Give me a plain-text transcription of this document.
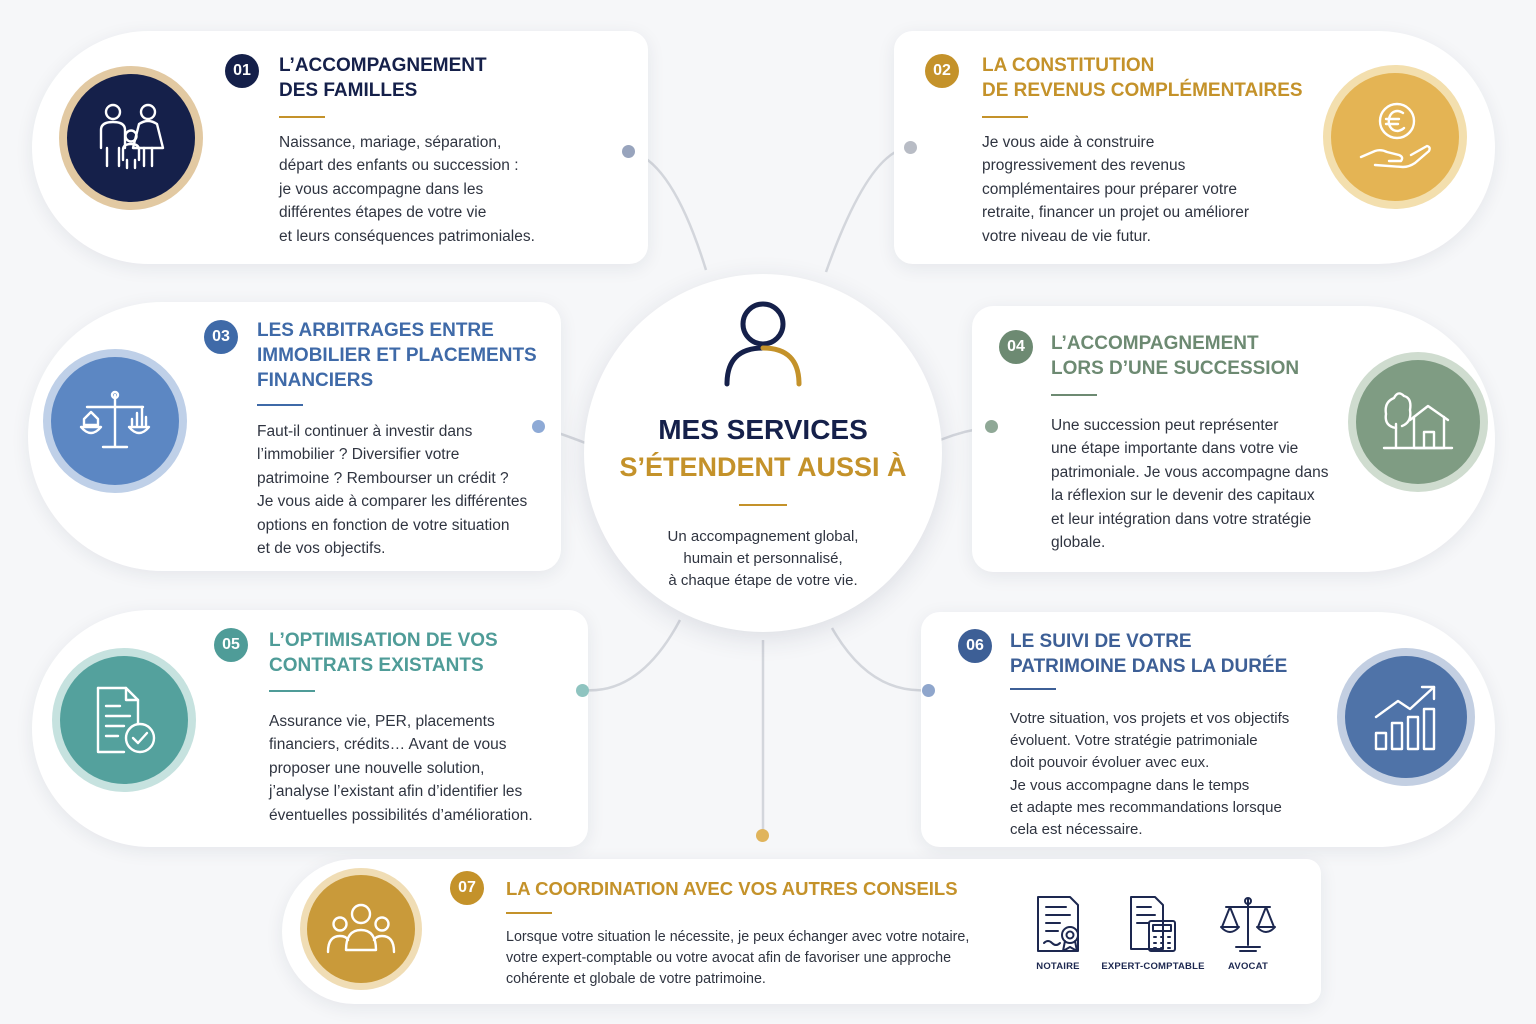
01	L’ACCOMPAGNEMENT
DES FAMILLES
Naissance, mariage, séparation,
départ des enfants ou succession :
je vous accompagne dans les
différentes étapes de votre vie
et leurs conséquences patrimoniales.
02	LA CONSTITUTION
DE REVENUS COMPLÉMENTAIRES
Je vous aide à construire
progressivement des revenus
complémentaires pour préparer votre
retraite, financer un projet ou améliorer
votre niveau de vie futur.
03	LES ARBITRAGES ENTRE
IMMOBILIER ET PLACEMENTS
FINANCIERS
Faut-il continuer à investir dans
l’immobilier ? Diversifier votre
patrimoine ? Rembourser un crédit ?
Je vous aide à comparer les différentes
options en fonction de votre situation
et de vos objectifs.
04	L’ACCOMPAGNEMENT
LORS D’UNE SUCCESSION
Une succession peut représenter
une étape importante dans votre vie
patrimoniale. Je vous accompagne dans
la réflexion sur le devenir des capitaux
et leur intégration dans votre stratégie
globale.
05	L’OPTIMISATION DE VOS
CONTRATS EXISTANTS
Assurance vie, PER, placements
financiers, crédits… Avant de vous
proposer une nouvelle solution,
j’analyse l’existant afin d’identifier les
éventuelles possibilités d’amélioration.
06	LE SUIVI DE VOTRE
PATRIMOINE DANS LA DURÉE
Votre situation, vos projets et vos objectifs
évoluent. Votre stratégie patrimoniale
doit pouvoir évoluer avec eux.
Je vous accompagne dans le temps
et adapte mes recommandations lorsque
cela est nécessaire.
07	LA COORDINATION AVEC VOS AUTRES CONSEILS
Lorsque votre situation le nécessite, je peux échanger avec votre notaire,
votre expert-comptable ou votre avocat afin de favoriser une approche
cohérente et globale de votre patrimoine.
NOTAIRE EXPERT-COMPTABLE AVOCAT
MES SERVICES
S’ÉTENDENT AUSSI À
Un accompagnement global,
humain et personnalisé,
à chaque étape de votre vie.
